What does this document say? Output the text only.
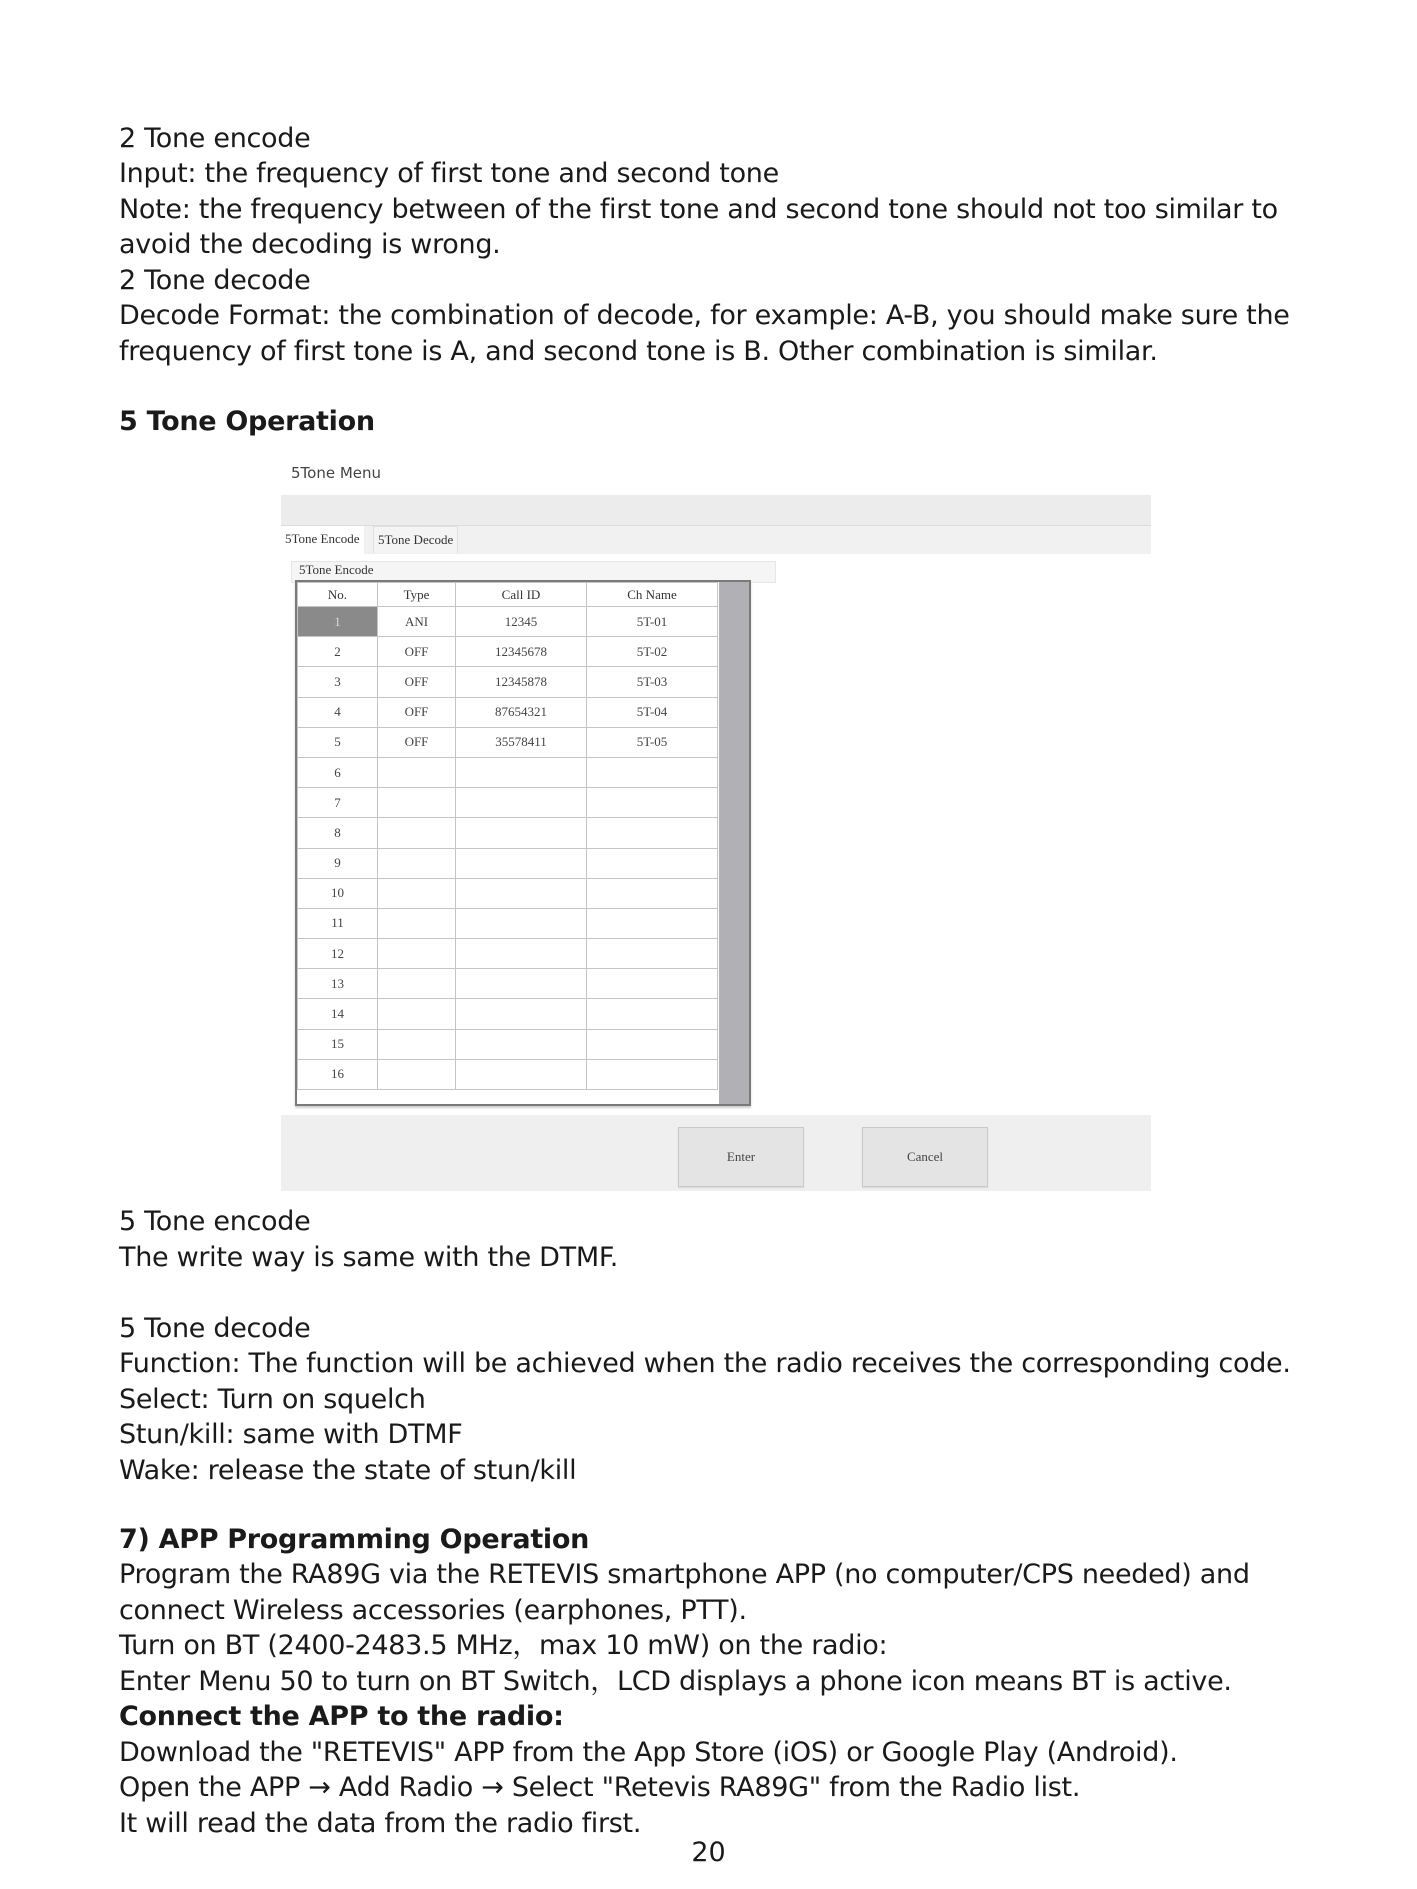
2 Tone encode
Input: the frequency of first tone and second tone
Note: the frequency between of the first tone and second tone should not too similar to
avoid the decoding is wrong.
2 Tone decode
Decode Format: the combination of decode, for example: A-B, you should make sure the
frequency of first tone is A, and second tone is B. Other combination is similar.
5 Tone Operation
5Tone Menu
5Tone Encode	5Tone Decode
5Tone Encode
No.	Type	Call ID	Ch Name
1	ANI	12345	5T-01
2	OFF	12345678	5T-02
3	OFF	12345878	5T-03
4	OFF	87654321	5T-04
5	OFF	35578411	5T-05
6			
7			
8			
9			
10			
11			
12			
13			
14			
15			
16			
Enter	Cancel
5 Tone encode
The write way is same with the DTMF.
5 Tone decode
Function: The function will be achieved when the radio receives the corresponding code.
Select: Turn on squelch
Stun/kill: same with DTMF
Wake: release the state of stun/kill
7) APP Programming Operation
Program the RA89G via the RETEVIS smartphone APP (no computer/CPS needed) and
connect Wireless accessories (earphones, PTT).
Turn on BT (2400-2483.5 MHz，max 10 mW) on the radio:
Enter Menu 50 to turn on BT Switch，LCD displays a phone icon means BT is active.
Connect the APP to the radio:
Download the "RETEVIS" APP from the App Store (iOS) or Google Play (Android).
Open the APP → Add Radio → Select "Retevis RA89G" from the Radio list.
It will read the data from the radio first.
20
